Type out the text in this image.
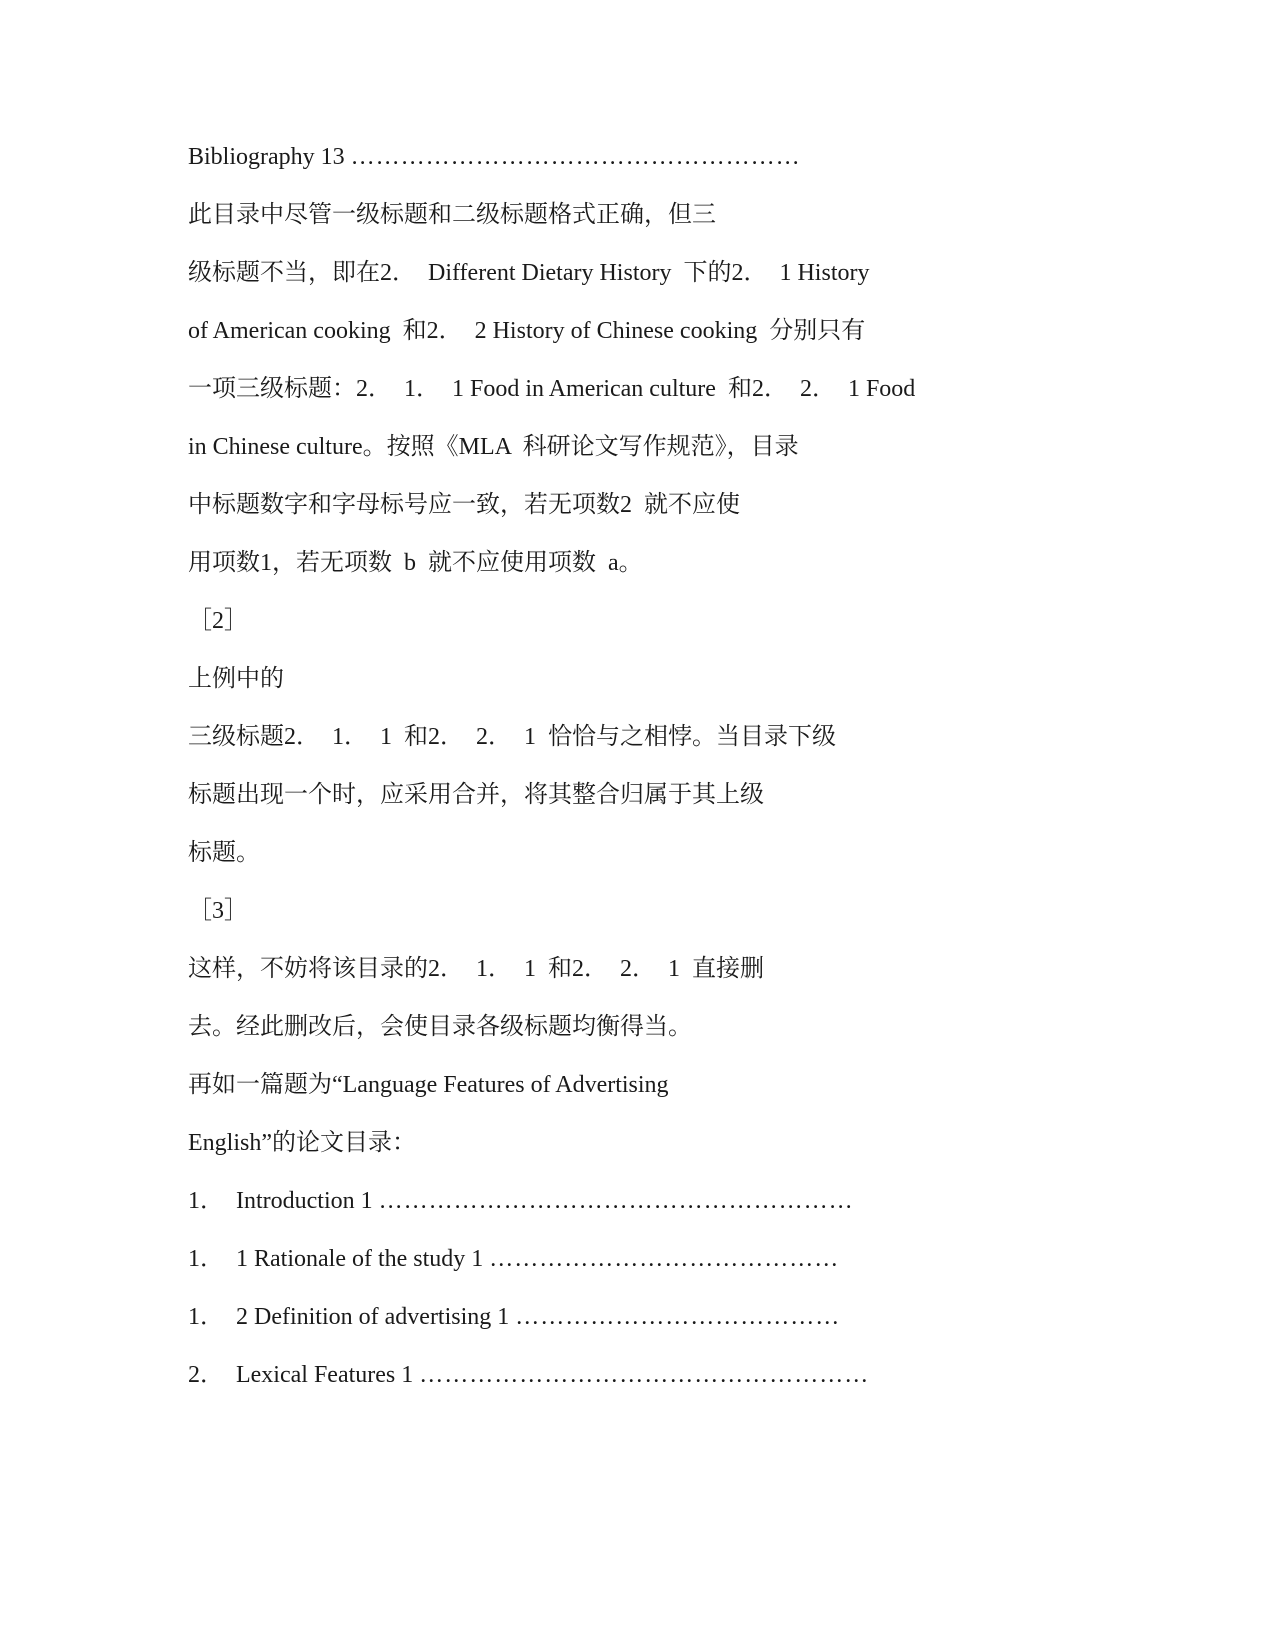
Bibliography 13 ………………………………………………
此目录中尽管一级标题和二级标题格式正确，但三
级标题不当，即在2．  Different Dietary History  下的2．  1 History
of American cooking  和2．  2 History of Chinese cooking  分别只有
一项三级标题：2．  1．  1 Food in American culture  和2．  2．  1 Food
in Chinese culture。按照《MLA  科研论文写作规范》，目录
中标题数字和字母标号应一致，若无项数2  就不应使
用项数1，若无项数  b  就不应使用项数  a。
［2］
上例中的
三级标题2．  1．  1  和2．  2．  1  恰恰与之相悖。当目录下级
标题出现一个时，应采用合并，将其整合归属于其上级
标题。
［3］
这样，不妨将该目录的2．  1．  1  和2．  2．  1  直接删
去。经此删改后，会使目录各级标题均衡得当。
再如一篇题为“Language Features of Advertising
English”的论文目录：
1．  Introduction 1 …………………………………………………
1．  1 Rationale of the study 1 ……………………………………
1．  2 Definition of advertising 1 …………………………………
2．  Lexical Features 1 ………………………………………………
